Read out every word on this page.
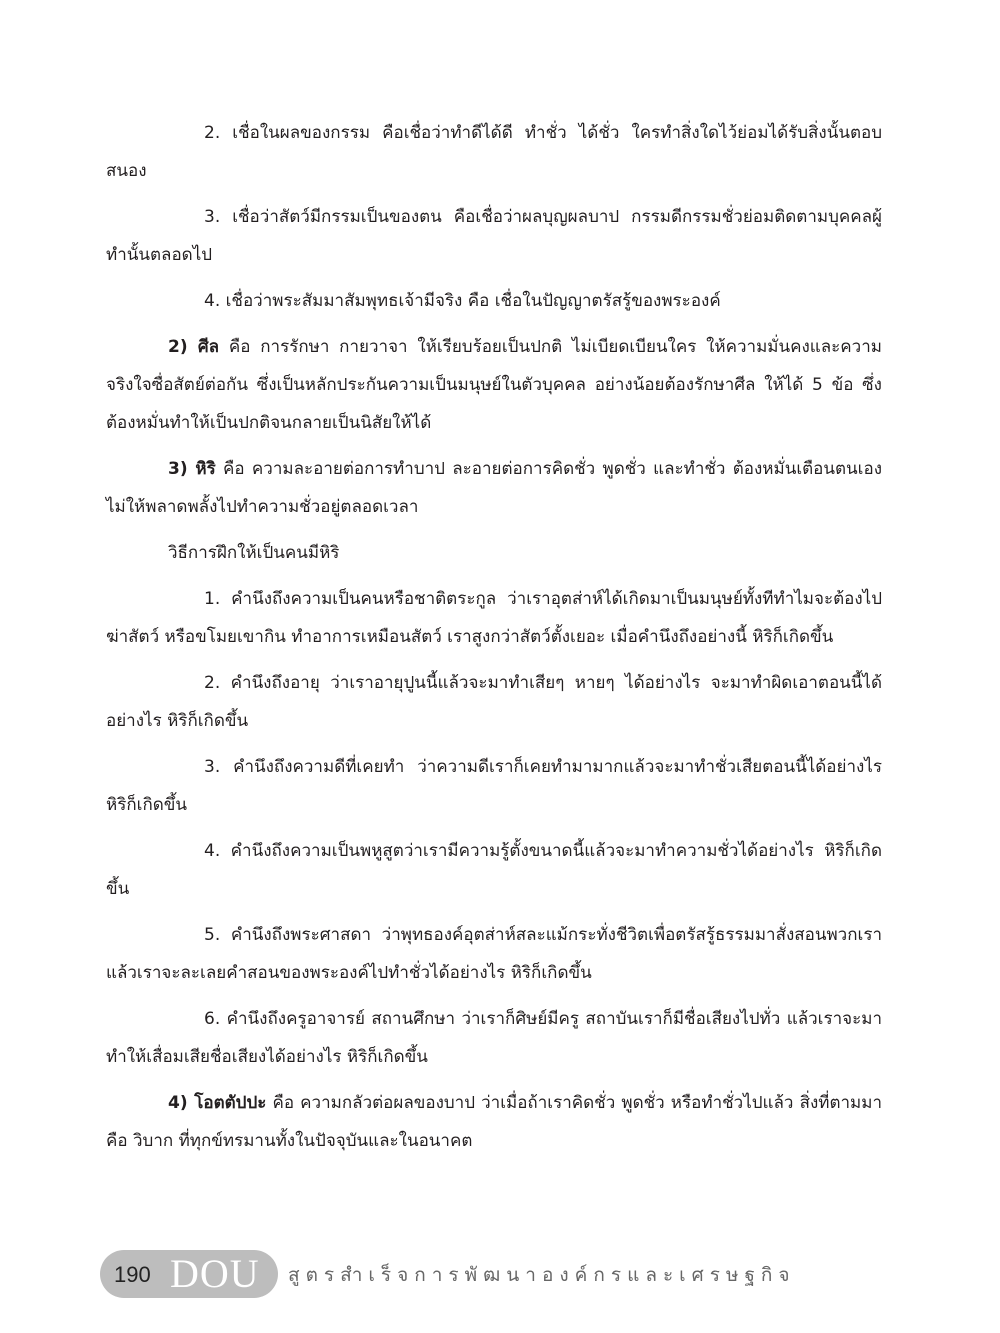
2. เชื่อในผลของกรรม คือเชื่อว่าทำดีได้ดี ทำชั่ว ได้ชั่ว ใครทำสิ่งใดไว้ย่อมได้รับสิ่งนั้นตอบสนอง

3. เชื่อว่าสัตว์มีกรรมเป็นของตน คือเชื่อว่าผลบุญผลบาป กรรมดีกรรมชั่วย่อมติดตามบุคคลผู้ทำนั้นตลอดไป

4. เชื่อว่าพระสัมมาสัมพุทธเจ้ามีจริง คือ เชื่อในปัญญาตรัสรู้ของพระองค์

2) ศีล คือ การรักษา กายวาจา ให้เรียบร้อยเป็นปกติ ไม่เบียดเบียนใคร ให้ความมั่นคงและความจริงใจซื่อสัตย์ต่อกัน ซึ่งเป็นหลักประกันความเป็นมนุษย์ในตัวบุคคล อย่างน้อยต้องรักษาศีล ให้ได้ 5 ข้อ ซึ่งต้องหมั่นทำให้เป็นปกติจนกลายเป็นนิสัยให้ได้

3) หิริ คือ ความละอายต่อการทำบาป ละอายต่อการคิดชั่ว พูดชั่ว และทำชั่ว ต้องหมั่นเตือนตนเองไม่ให้พลาดพลั้งไปทำความชั่วอยู่ตลอดเวลา

วิธีการฝึกให้เป็นคนมีหิริ

1. คำนึงถึงความเป็นคนหรือชาติตระกูล ว่าเราอุตส่าห์ได้เกิดมาเป็นมนุษย์ทั้งทีทำไมจะต้องไปฆ่าสัตว์ หรือขโมยเขากิน ทำอาการเหมือนสัตว์ เราสูงกว่าสัตว์ตั้งเยอะ เมื่อคำนึงถึงอย่างนี้ หิริก็เกิดขึ้น

2. คำนึงถึงอายุ ว่าเราอายุปูนนี้แล้วจะมาทำเสียๆ หายๆ ได้อย่างไร จะมาทำผิดเอาตอนนี้ได้อย่างไร หิริก็เกิดขึ้น

3. คำนึงถึงความดีที่เคยทำ ว่าความดีเราก็เคยทำมามากแล้วจะมาทำชั่วเสียตอนนี้ได้อย่างไร หิริก็เกิดขึ้น

4. คำนึงถึงความเป็นพหูสูตว่าเรามีความรู้ตั้งขนาดนี้แล้วจะมาทำความชั่วได้อย่างไร หิริก็เกิดขึ้น

5. คำนึงถึงพระศาสดา ว่าพุทธองค์อุตส่าห์สละแม้กระทั่งชีวิตเพื่อตรัสรู้ธรรมมาสั่งสอนพวกเรา แล้วเราจะละเลยคำสอนของพระองค์ไปทำชั่วได้อย่างไร หิริก็เกิดขึ้น

6. คำนึงถึงครูอาจารย์ สถานศึกษา ว่าเราก็ศิษย์มีครู สถาบันเราก็มีชื่อเสียงไปทั่ว แล้วเราจะมาทำให้เสื่อมเสียชื่อเสียงได้อย่างไร หิริก็เกิดขึ้น

4) โอตตัปปะ คือ ความกลัวต่อผลของบาป ว่าเมื่อถ้าเราคิดชั่ว พูดชั่ว หรือทำชั่วไปแล้ว สิ่งที่ตามมาคือ วิบาก ที่ทุกข์ทรมานทั้งในปัจจุบันและในอนาคต

190 DOU สูตรสำเร็จการพัฒนาองค์กรและเศรษฐกิจ
